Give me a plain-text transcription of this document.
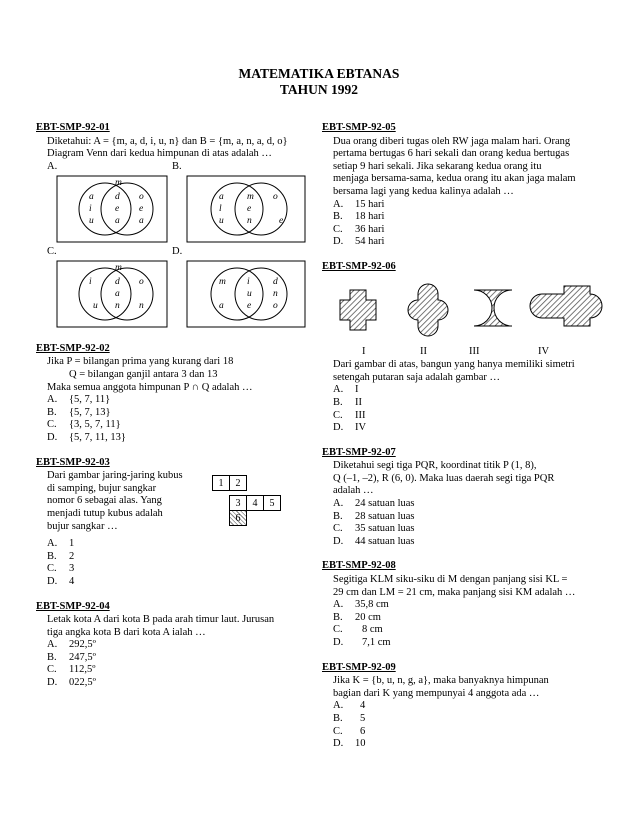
MATEMATIKA EBTANAS
TAHUN 1992
EBT-SMP-92-01
Diketahui: A = {m, a, d, i, u, n} dan B = {m, a, n, a, d, o}
Diagram Venn dari kedua himpunan di atas adalah …
A.	B.
m
a d o
i e e
u a a
a m o
l	e
u n	e
C.	D.
m
i d o
a
u n n
m i d
u n
a e o
EBT-SMP-92-02
Jika P = bilangan prima yang kurang dari 18
Q = bilangan ganjil antara 3 dan 13
Maka semua anggota himpunan P ∩ Q adalah …
A.	{5, 7, 11}
B.	{5, 7, 13}
C.	{3, 5, 7, 11}
D.	{5, 7, 11, 13}
EBT-SMP-92-03
Dari gambar jaring-jaring kubus
di samping, bujur sangkar
nomor 6 sebagai alas. Yang
menjadi tutup kubus adalah
bujur sangkar …
1	2
3	4	5
6
A.	1
B.	2
C.	3
D.	4
EBT-SMP-92-04
Letak kota A dari kota B pada arah timur laut. Jurusan
tiga angka kota B dari kota A ialah …
A.	292,5º
B.	247,5º
C.	112,5º
D.	022,5º
EBT-SMP-92-05
Dua orang diberi tugas oleh RW jaga malam hari. Orang
pertama bertugas 6 hari sekali dan orang kedua bertugas
setiap 9 hari sekali. Jika sekarang kedua orang itu
menjaga bersama-sama, kedua orang itu akan jaga malam
bersama lagi yang kedua kalinya adalah …
A.	15 hari
B.	18 hari
C.	36 hari
D.	54 hari
EBT-SMP-92-06
I	II	III	IV
Dari gambar di atas, bangun yang hanya memiliki simetri
setengah putaran saja adalah gambar …
A.	I
B.	II
C.	III
D.	IV
EBT-SMP-92-07
Diketahui segi tiga PQR, koordinat titik P (1, 8),
Q (–1, –2), R (6, 0). Maka luas daerah segi tiga PQR
adalah …
A.	24 satuan luas
B.	28 satuan luas
C.	35 satuan luas
D.	44 satuan luas
EBT-SMP-92-08
Segitiga KLM siku-siku di M dengan panjang sisi KL =
29 cm dan LM = 21 cm, maka panjang sisi KM adalah …
A.	35,8 cm
B.	20 cm
C.	8 cm
D.	7,1 cm
EBT-SMP-92-09
Jika K = {b, u, n, g, a}, maka banyaknya himpunan
bagian dari K yang mempunyai 4 anggota ada …
A.	4
B.	5
C.	6
D.	10
